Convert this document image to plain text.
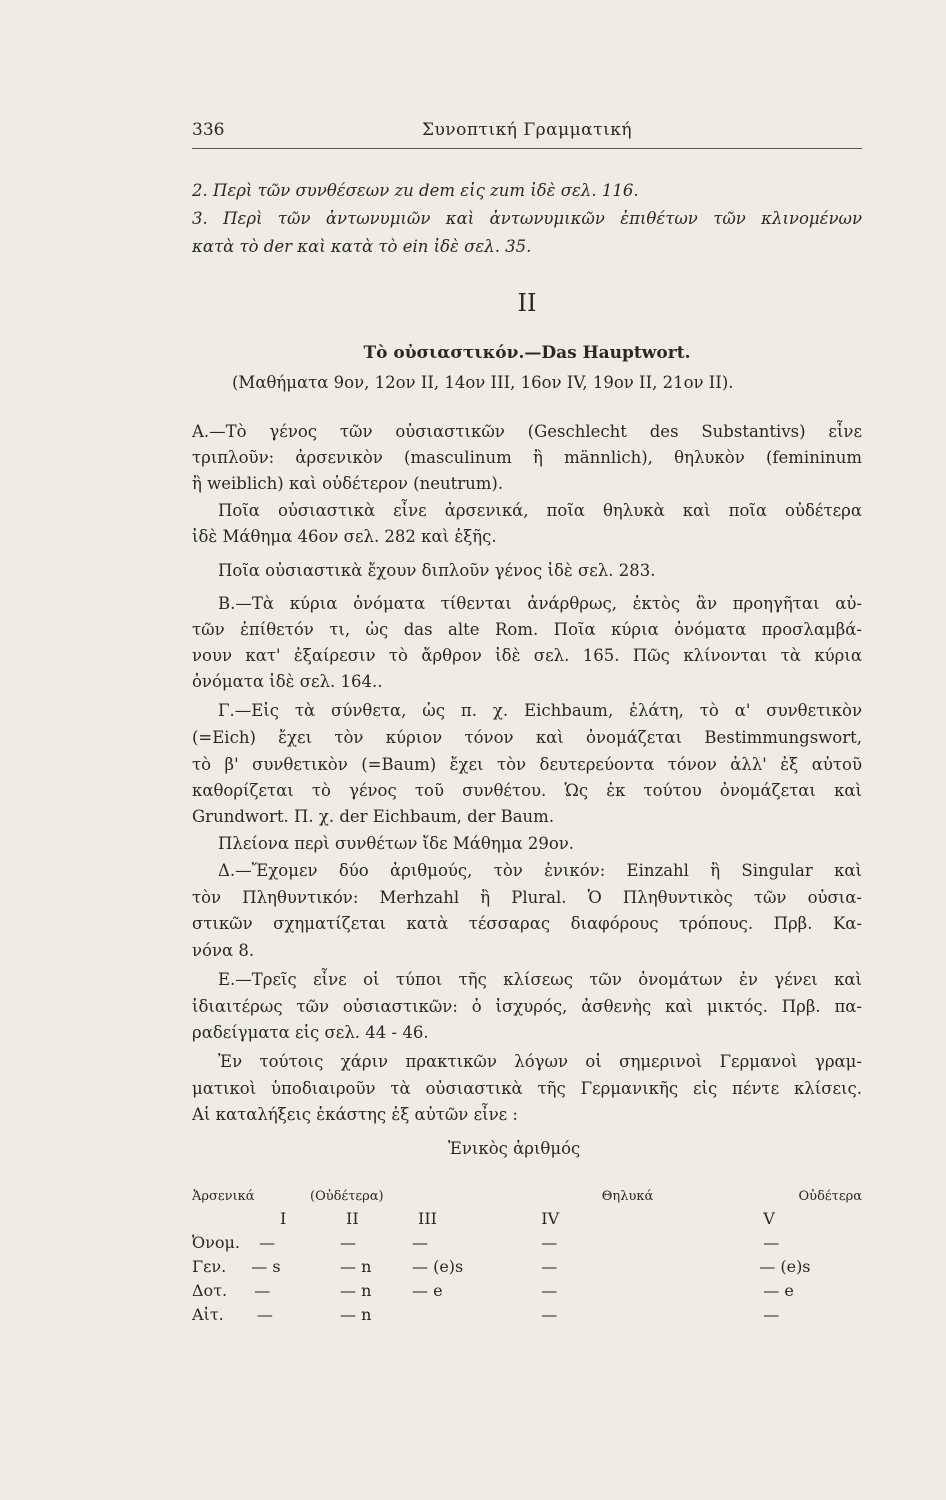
336	Συνοπτική Γραμματική
2. Περὶ τῶν συνθέσεων zu dem εἰς zum ἰδὲ σελ. 116.
3. Περὶ τῶν ἀντωνυμιῶν καὶ ἀντωνυμικῶν ἐπιθέτων τῶν κλινομένων
κατὰ τὸ der καὶ κατὰ τὸ ein ἰδὲ σελ. 35.
II
Τὸ οὐσιαστικόν.—Das Hauptwort.
(Μαθήματα 9ον, 12ον II, 14ον III, 16ον IV, 19ον II, 21ον II).
Α.—Τὸ γένος τῶν οὐσιαστικῶν (Geschlecht des Substantivs) εἶνε
τριπλοῦν: ἀρσενικὸν (masculinum ἢ männlich), θηλυκὸν (femininum
ἢ weiblich) καὶ οὐδέτερον (neutrum).
Ποῖα οὐσιαστικὰ εἶνε ἀρσενικά, ποῖα θηλυκὰ καὶ ποῖα οὐδέτερα
ἰδὲ Μάθημα 46ον σελ. 282 καὶ ἑξῆς.
Ποῖα οὐσιαστικὰ ἔχουν διπλοῦν γένος ἰδὲ σελ. 283.
Β.—Τὰ κύρια ὀνόματα τίθενται ἀνάρθρως, ἐκτὸς ἂν προηγῆται αὐ-
τῶν ἐπίθετόν τι, ὡς das alte Rom. Ποῖα κύρια ὀνόματα προσλαμβά-
νουν κατ' ἐξαίρεσιν τὸ ἄρθρον ἰδὲ σελ. 165. Πῶς κλίνονται τὰ κύρια
ὀνόματα ἰδὲ σελ. 164..
Γ.—Εἰς τὰ σύνθετα, ὡς π. χ. Eichbaum, ἐλάτη, τὸ α' συνθετικὸν
(=Eich) ἔχει τὸν κύριον τόνον καὶ ὀνομάζεται Bestimmungswort,
τὸ β' συνθετικὸν (=Baum) ἔχει τὸν δευτερεύοντα τόνον ἀλλ' ἐξ αὐτοῦ
καθορίζεται τὸ γένος τοῦ συνθέτου. Ὡς ἐκ τούτου ὀνομάζεται καὶ
Grundwort. Π. χ. der Eichbaum, der Baum.
Πλείονα περὶ συνθέτων ἴδε Μάθημα 29ον.
Δ.—Ἔχομεν δύο ἀριθμούς, τὸν ἑνικόν: Einzahl ἢ Singular καὶ
τὸν Πληθυντικόν: Merhzahl ἢ Plural. Ὁ Πληθυντικὸς τῶν οὐσια-
στικῶν σχηματίζεται κατὰ τέσσαρας διαφόρους τρόπους. Πρβ. Κα-
νόνα 8.
Ε.—Τρεῖς εἶνε οἱ τύποι τῆς κλίσεως τῶν ὀνομάτων ἐν γένει καὶ
ἰδιαιτέρως τῶν οὐσιαστικῶν: ὁ ἰσχυρός, ἀσθενὴς καὶ μικτός. Πρβ. πα-
ραδείγματα εἰς σελ. 44 - 46.
Ἐν τούτοις χάριν πρακτικῶν λόγων οἱ σημερινοὶ Γερμανοὶ γραμ-
ματικοὶ ὑποδιαιροῦν τὰ οὐσιαστικὰ τῆς Γερμανικῆς εἰς πέντε κλίσεις.
Αἱ καταλήξεις ἑκάστης ἐξ αὐτῶν εἶνε :
Ἑνικὸς ἀριθμός
Ἀρσενικά	(Οὐδέτερα)		Θηλυκά	Οὐδέτερα
I	II	III	IV	V
Ὀνομ. —	—	—	—	—
Γεν. — s	— n	— (e)s	—	— (e)s
Δοτ. —	— n	— e	—	— e
Αἰτ. —	— n		—	—
